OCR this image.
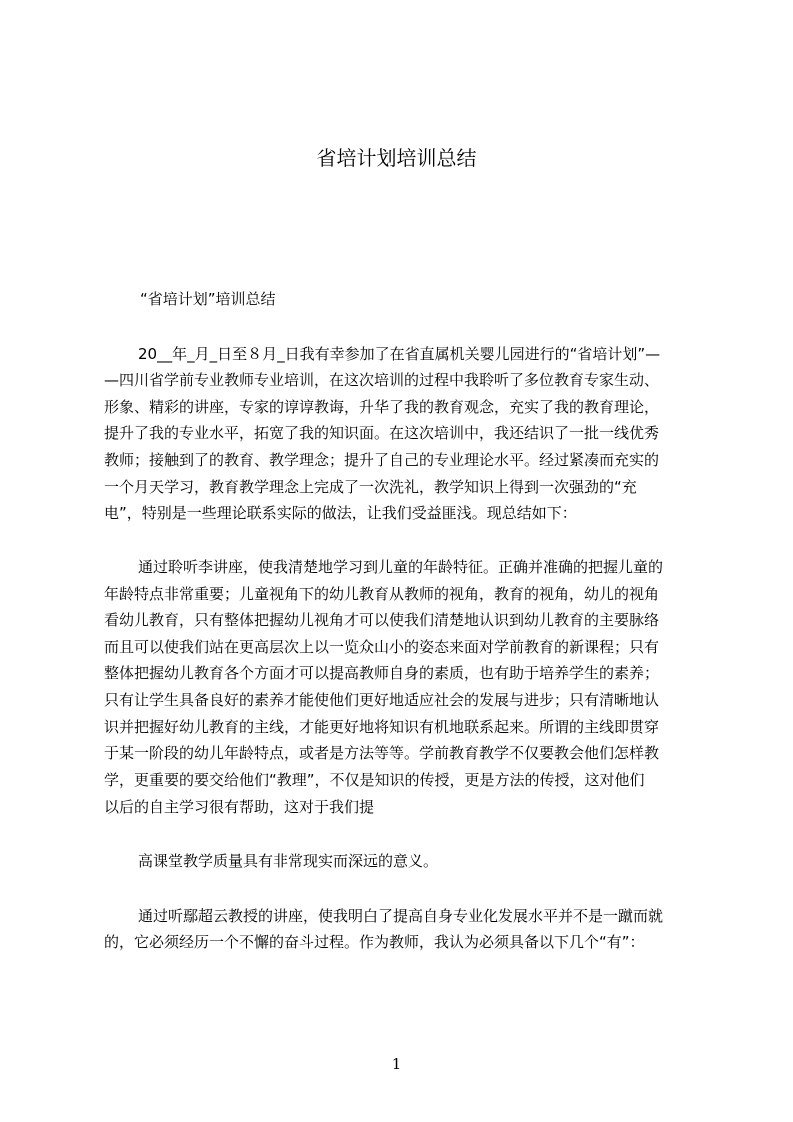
省培计划培训总结

“省培计划”培训总结

20__年_月_日至８月_日我有幸参加了在省直属机关婴儿园进行的“省培计划”—

—四川省学前专业教师专业培训，在这次培训的过程中我聆听了多位教育专家生动、

形象、精彩的讲座，专家的谆谆教诲，升华了我的教育观念，充实了我的教育理论，

提升了我的专业水平，拓宽了我的知识面。在这次培训中，我还结识了一批一线优秀

教师；接触到了的教育、教学理念；提升了自己的专业理论水平。经过紧凑而充实的

一个月天学习，教育教学理念上完成了一次洗礼，教学知识上得到一次强劲的“充

电”，特别是一些理论联系实际的做法，让我们受益匪浅。现总结如下：

通过聆听李讲座，使我清楚地学习到儿童的年龄特征。正确并准确的把握儿童的

年龄特点非常重要；儿童视角下的幼儿教育从教师的视角，教育的视角，幼儿的视角

看幼儿教育，只有整体把握幼儿视角才可以使我们清楚地认识到幼儿教育的主要脉络

而且可以使我们站在更高层次上以一览众山小的姿态来面对学前教育的新课程；只有

整体把握幼儿教育各个方面才可以提高教师自身的素质，也有助于培养学生的素养；

只有让学生具备良好的素养才能使他们更好地适应社会的发展与进步；只有清晰地认

识并把握好幼儿教育的主线，才能更好地将知识有机地联系起来。所谓的主线即贯穿

于某一阶段的幼儿年龄特点，或者是方法等等。学前教育教学不仅要教会他们怎样教

学，更重要的要交给他们“教理”，不仅是知识的传授，更是方法的传授，这对他们

以后的自主学习很有帮助，这对于我们提

高课堂教学质量具有非常现实而深远的意义。

通过听鄢超云教授的讲座，使我明白了提高自身专业化发展水平并不是一蹴而就

的，它必须经历一个不懈的奋斗过程。作为教师，我认为必须具备以下几个“有”：

1
